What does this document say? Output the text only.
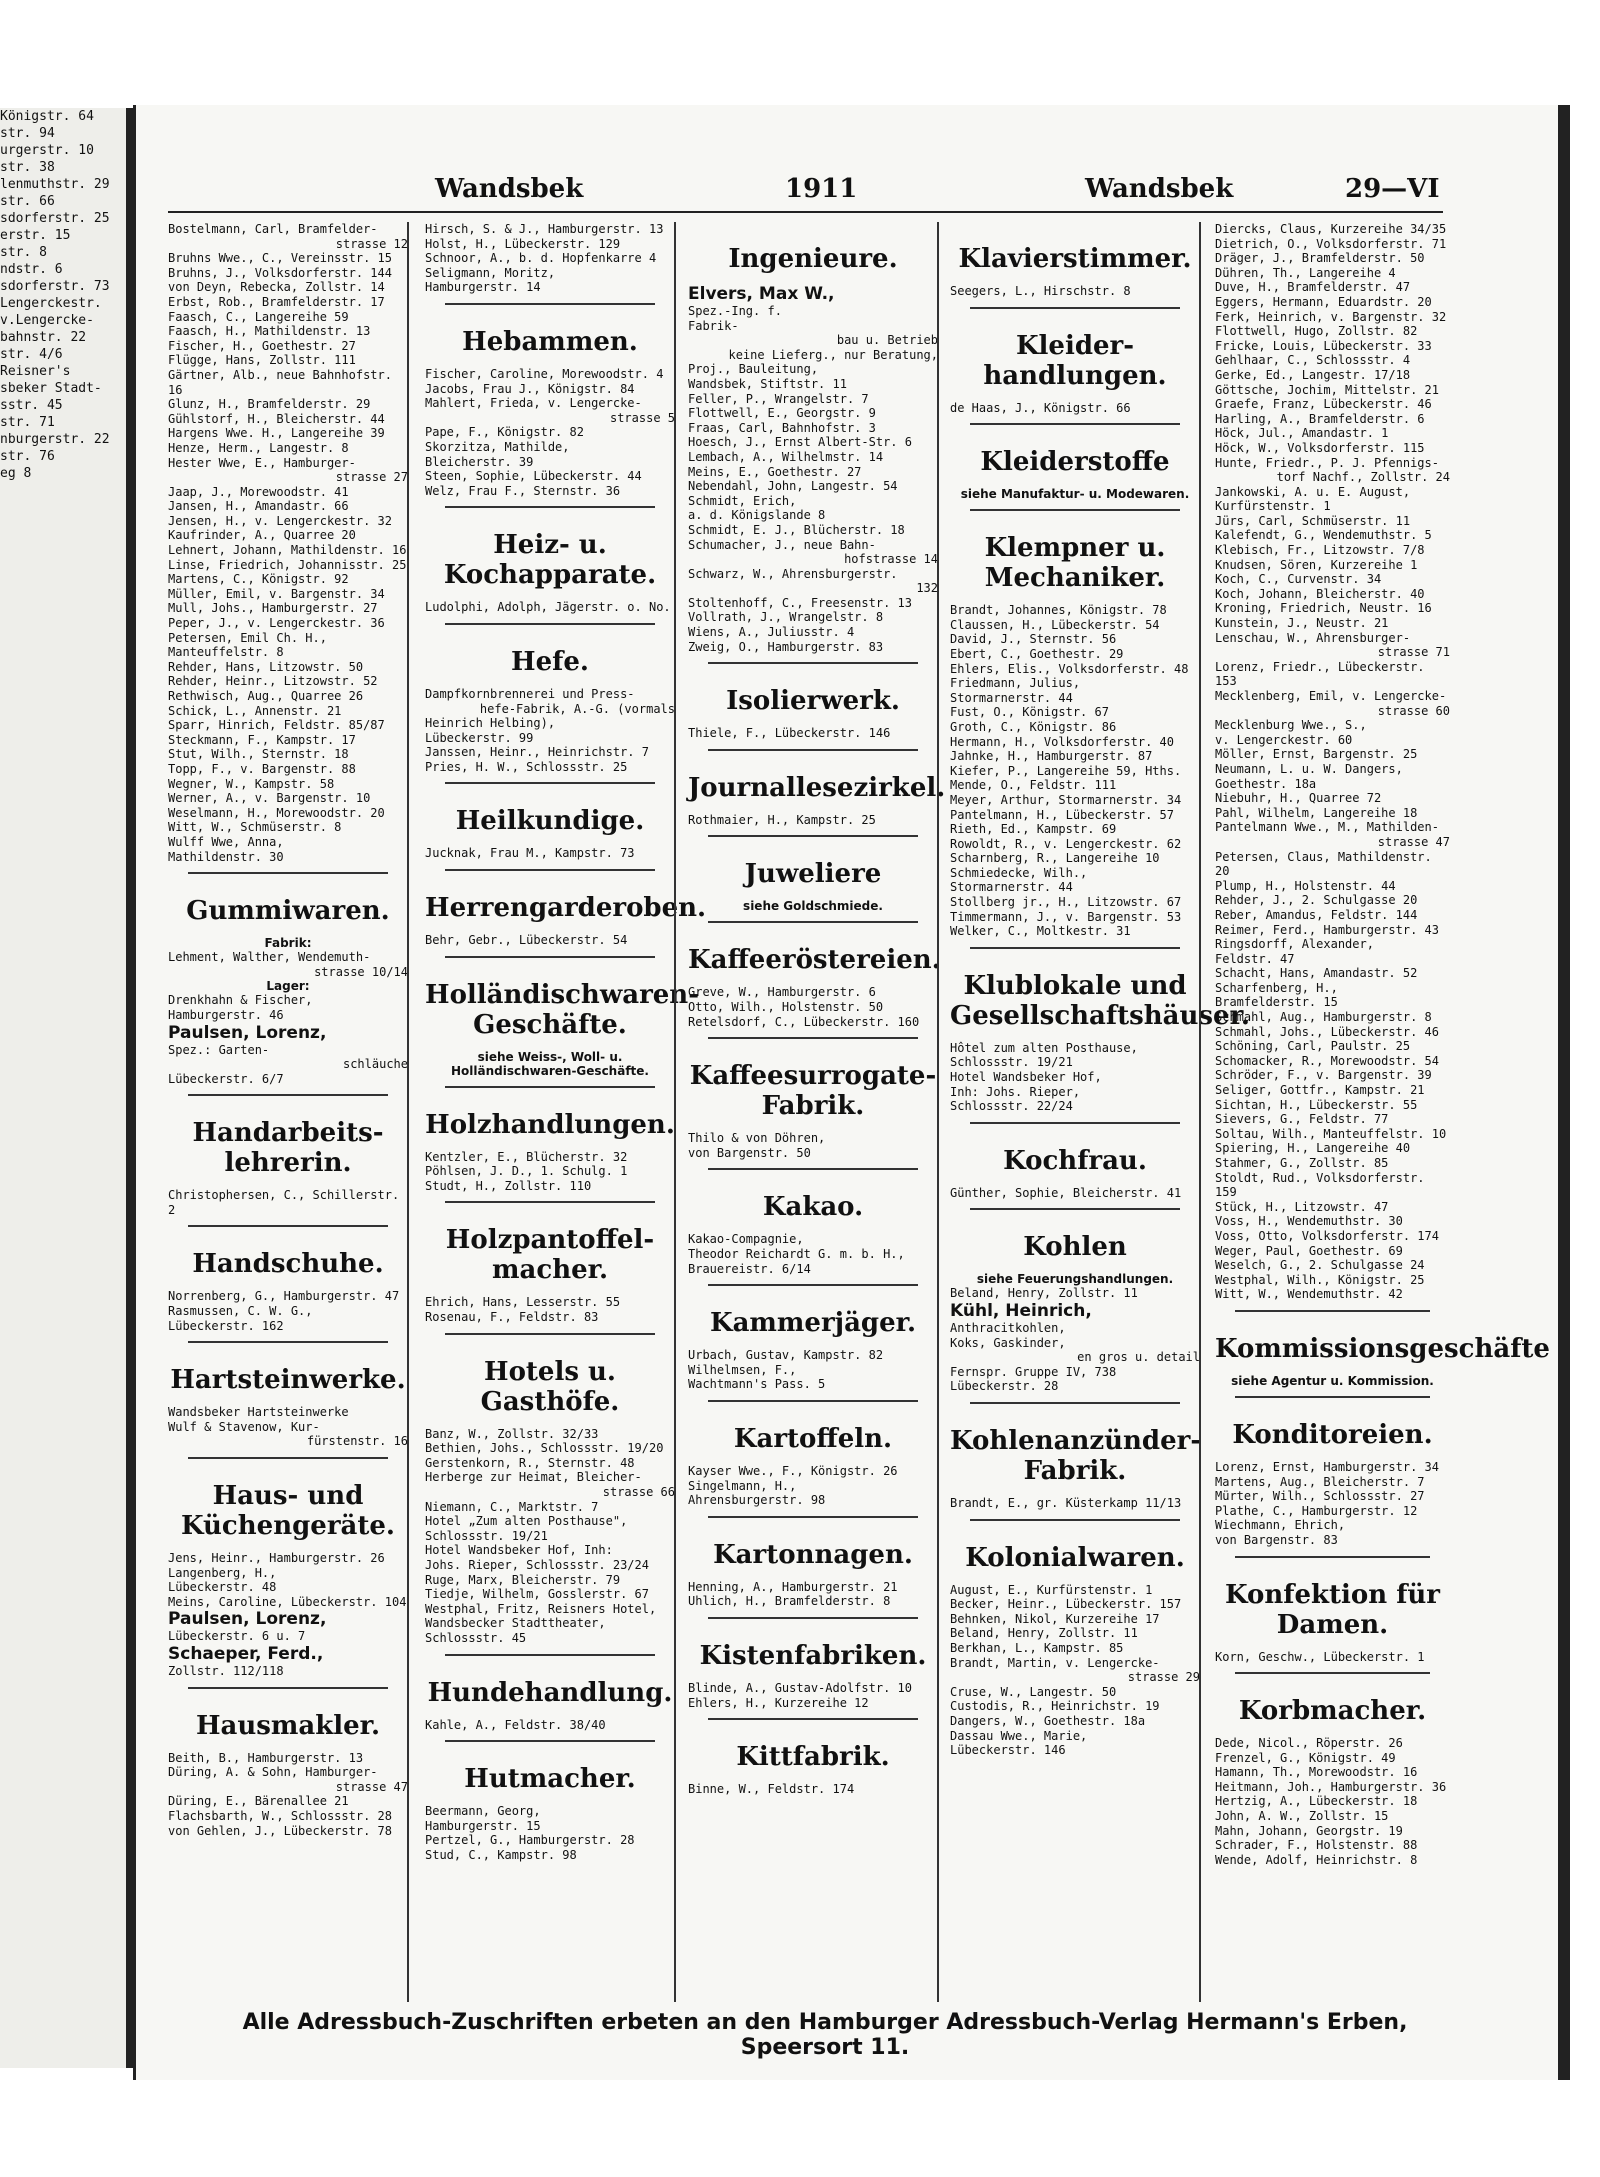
Königstr. 64
str. 94
urgerstr. 10
str. 38
lenmuthstr. 29
str. 66
sdorferstr. 25
erstr. 15
str. 8
ndstr. 6
sdorferstr. 73
Lengerckestr.
v.Lengercke-
bahnstr. 22
str. 4/6
Reisner's
sbeker Stadt-
sstr. 45
str. 71
nburgerstr. 22
str. 76
eg 8
Wandsbek	1911	Wandsbek	29—VI
Bostelmann, Carl, Bramfelder-
strasse 12
Bruhns Wwe., C., Vereinsstr. 15
Bruhns, J., Volksdorferstr. 144
von Deyn, Rebecka, Zollstr. 14
Erbst, Rob., Bramfelderstr. 17
Faasch, C., Langereihe 59
Faasch, H., Mathildenstr. 13
Fischer, H., Goethestr. 27
Flügge, Hans, Zollstr. 111
Gärtner, Alb., neue Bahnhofstr. 16
Glunz, H., Bramfelderstr. 29
Gühlstorf, H., Bleicherstr. 44
Hargens Wwe. H., Langereihe 39
Henze, Herm., Langestr. 8
Hester Wwe, E., Hamburger-
strasse 27
Jaap, J., Morewoodstr. 41
Jansen, H., Amandastr. 66
Jensen, H., v. Lengerckestr. 32
Kaufrinder, A., Quarree 20
Lehnert, Johann, Mathildenstr. 16
Linse, Friedrich, Johannisstr. 25
Martens, C., Königstr. 92
Müller, Emil, v. Bargenstr. 34
Mull, Johs., Hamburgerstr. 27
Peper, J., v. Lengerckestr. 36
Petersen, Emil Ch. H.,
Manteuffelstr. 8
Rehder, Hans, Litzowstr. 50
Rehder, Heinr., Litzowstr. 52
Rethwisch, Aug., Quarree 26
Schick, L., Annenstr. 21
Sparr, Hinrich, Feldstr. 85/87
Steckmann, F., Kampstr. 17
Stut, Wilh., Sternstr. 18
Topp, F., v. Bargenstr. 88
Wegner, W., Kampstr. 58
Werner, A., v. Bargenstr. 10
Weselmann, H., Morewoodstr. 20
Witt, W., Schmüserstr. 8
Wulff Wwe, Anna,
Mathildenstr. 30
Gummiwaren.
Fabrik:
Lehment, Walther, Wendemuth-
strasse 10/14
Lager:
Drenkhahn & Fischer,
Hamburgerstr. 46
Paulsen, Lorenz,
Spez.: Garten-
schläuche
Lübeckerstr. 6/7
Handarbeits-lehrerin.
Christophersen, C., Schillerstr. 2
Handschuhe.
Norrenberg, G., Hamburgerstr. 47
Rasmussen, C. W. G.,
Lübeckerstr. 162
Hartsteinwerke.
Wandsbeker Hartsteinwerke
Wulf & Stavenow, Kur-
fürstenstr. 16
Haus- und Küchengeräte.
Jens, Heinr., Hamburgerstr. 26
Langenberg, H.,
Lübeckerstr. 48
Meins, Caroline, Lübeckerstr. 104
Paulsen, Lorenz,
Lübeckerstr. 6 u. 7
Schaeper, Ferd.,
Zollstr. 112/118
Hausmakler.
Beith, B., Hamburgerstr. 13
Düring, A. & Sohn, Hamburger-
strasse 47
Düring, E., Bärenallee 21
Flachsbarth, W., Schlossstr. 28
von Gehlen, J., Lübeckerstr. 78
Hirsch, S. & J., Hamburgerstr. 13
Holst, H., Lübeckerstr. 129
Schnoor, A., b. d. Hopfenkarre 4
Seligmann, Moritz,
Hamburgerstr. 14
Hebammen.
Fischer, Caroline, Morewoodstr. 4
Jacobs, Frau J., Königstr. 84
Mahlert, Frieda, v. Lengercke-
strasse 5
Pape, F., Königstr. 82
Skorzitza, Mathilde,
Bleicherstr. 39
Steen, Sophie, Lübeckerstr. 44
Welz, Frau F., Sternstr. 36
Heiz- u. Kochapparate.
Ludolphi, Adolph, Jägerstr. o. No.
Hefe.
Dampfkornbrennerei und Press-
hefe-Fabrik, A.-G. (vormals
Heinrich Helbing),
Lübeckerstr. 99
Janssen, Heinr., Heinrichstr. 7
Pries, H. W., Schlossstr. 25
Heilkundige.
Jucknak, Frau M., Kampstr. 73
Herrengarderoben.
Behr, Gebr., Lübeckerstr. 54
Holländischwaren-Geschäfte.
siehe Weiss-, Woll- u. Holländischwaren-Geschäfte.
Holzhandlungen.
Kentzler, E., Blücherstr. 32
Pöhlsen, J. D., 1. Schulg. 1
Studt, H., Zollstr. 110
Holzpantoffel-macher.
Ehrich, Hans, Lesserstr. 55
Rosenau, F., Feldstr. 83
Hotels u. Gasthöfe.
Banz, W., Zollstr. 32/33
Bethien, Johs., Schlossstr. 19/20
Gerstenkorn, R., Sternstr. 48
Herberge zur Heimat, Bleicher-
strasse 66
Niemann, C., Marktstr. 7
Hotel „Zum alten Posthause",
Schlossstr. 19/21
Hotel Wandsbeker Hof, Inh:
Johs. Rieper, Schlossstr. 23/24
Ruge, Marx, Bleicherstr. 79
Tiedje, Wilhelm, Gosslerstr. 67
Westphal, Fritz, Reisners Hotel,
Wandsbecker Stadttheater,
Schlossstr. 45
Hundehandlung.
Kahle, A., Feldstr. 38/40
Hutmacher.
Beermann, Georg,
Hamburgerstr. 15
Pertzel, G., Hamburgerstr. 28
Stud, C., Kampstr. 98
Ingenieure.
Elvers, Max W.,
Spez.-Ing. f.
Fabrik-
bau u. Betrieb
keine Lieferg., nur Beratung,
Proj., Bauleitung,
Wandsbek, Stiftstr. 11
Feller, P., Wrangelstr. 7
Flottwell, E., Georgstr. 9
Fraas, Carl, Bahnhofstr. 3
Hoesch, J., Ernst Albert-Str. 6
Lembach, A., Wilhelmstr. 14
Meins, E., Goethestr. 27
Nebendahl, John, Langestr. 54
Schmidt, Erich,
a. d. Königslande 8
Schmidt, E. J., Blücherstr. 18
Schumacher, J., neue Bahn-
hofstrasse 14
Schwarz, W., Ahrensburgerstr.
132
Stoltenhoff, C., Freesenstr. 13
Vollrath, J., Wrangelstr. 8
Wiens, A., Juliusstr. 4
Zweig, O., Hamburgerstr. 83
Isolierwerk.
Thiele, F., Lübeckerstr. 146
Journallesezirkel.
Rothmaier, H., Kampstr. 25
Juweliere
siehe Goldschmiede.
Kaffeeröstereien.
Greve, W., Hamburgerstr. 6
Otto, Wilh., Holstenstr. 50
Retelsdorf, C., Lübeckerstr. 160
Kaffeesurrogate-Fabrik.
Thilo & von Döhren,
von Bargenstr. 50
Kakao.
Kakao-Compagnie,
Theodor Reichardt G. m. b. H.,
Brauereistr. 6/14
Kammerjäger.
Urbach, Gustav, Kampstr. 82
Wilhelmsen, F.,
Wachtmann's Pass. 5
Kartoffeln.
Kayser Wwe., F., Königstr. 26
Singelmann, H.,
Ahrensburgerstr. 98
Kartonnagen.
Henning, A., Hamburgerstr. 21
Uhlich, H., Bramfelderstr. 8
Kistenfabriken.
Blinde, A., Gustav-Adolfstr. 10
Ehlers, H., Kurzereihe 12
Kittfabrik.
Binne, W., Feldstr. 174
Klavierstimmer.
Seegers, L., Hirschstr. 8
Kleider-handlungen.
de Haas, J., Königstr. 66
Kleiderstoffe
siehe Manufaktur- u. Modewaren.
Klempner u. Mechaniker.
Brandt, Johannes, Königstr. 78
Claussen, H., Lübeckerstr. 54
David, J., Sternstr. 56
Ebert, C., Goethestr. 29
Ehlers, Elis., Volksdorferstr. 48
Friedmann, Julius,
Stormarnerstr. 44
Fust, O., Königstr. 67
Groth, C., Königstr. 86
Hermann, H., Volksdorferstr. 40
Jahnke, H., Hamburgerstr. 87
Kiefer, P., Langereihe 59, Hths.
Mende, O., Feldstr. 111
Meyer, Arthur, Stormarnerstr. 34
Pantelmann, H., Lübeckerstr. 57
Rieth, Ed., Kampstr. 69
Rowoldt, R., v. Lengerckestr. 62
Scharnberg, R., Langereihe 10
Schmiedecke, Wilh.,
Stormarnerstr. 44
Stollberg jr., H., Litzowstr. 67
Timmermann, J., v. Bargenstr. 53
Welker, C., Moltkestr. 31
Klublokale und Gesellschaftshäuser.
Hôtel zum alten Posthause,
Schlossstr. 19/21
Hotel Wandsbeker Hof,
Inh: Johs. Rieper,
Schlossstr. 22/24
Kochfrau.
Günther, Sophie, Bleicherstr. 41
Kohlen
siehe Feuerungshandlungen.
Beland, Henry, Zollstr. 11
Kühl, Heinrich,
Anthracitkohlen,
Koks, Gaskinder,
en gros u. detail
Fernspr. Gruppe IV, 738
Lübeckerstr. 28
Kohlenanzünder-Fabrik.
Brandt, E., gr. Küsterkamp 11/13
Kolonialwaren.
August, E., Kurfürstenstr. 1
Becker, Heinr., Lübeckerstr. 157
Behnken, Nikol, Kurzereihe 17
Beland, Henry, Zollstr. 11
Berkhan, L., Kampstr. 85
Brandt, Martin, v. Lengercke-
strasse 29
Cruse, W., Langestr. 50
Custodis, R., Heinrichstr. 19
Dangers, W., Goethestr. 18a
Dassau Wwe., Marie,
Lübeckerstr. 146
Diercks, Claus, Kurzereihe 34/35
Dietrich, O., Volksdorferstr. 71
Dräger, J., Bramfelderstr. 50
Dühren, Th., Langereihe 4
Duve, H., Bramfelderstr. 47
Eggers, Hermann, Eduardstr. 20
Ferk, Heinrich, v. Bargenstr. 32
Flottwell, Hugo, Zollstr. 82
Fricke, Louis, Lübeckerstr. 33
Gehlhaar, C., Schlossstr. 4
Gerke, Ed., Langestr. 17/18
Göttsche, Jochim, Mittelstr. 21
Graefe, Franz, Lübeckerstr. 46
Harling, A., Bramfelderstr. 6
Höck, Jul., Amandastr. 1
Höck, W., Volksdorferstr. 115
Hunte, Friedr., P. J. Pfennigs-
torf Nachf., Zollstr. 24
Jankowski, A. u. E. August,
Kurfürstenstr. 1
Jürs, Carl, Schmüserstr. 11
Kalefendt, G., Wendemuthstr. 5
Klebisch, Fr., Litzowstr. 7/8
Knudsen, Sören, Kurzereihe 1
Koch, C., Curvenstr. 34
Koch, Johann, Bleicherstr. 40
Kroning, Friedrich, Neustr. 16
Kunstein, J., Neustr. 21
Lenschau, W., Ahrensburger-
strasse 71
Lorenz, Friedr., Lübeckerstr. 153
Mecklenberg, Emil, v. Lengercke-
strasse 60
Mecklenburg Wwe., S.,
v. Lengerckestr. 60
Möller, Ernst, Bargenstr. 25
Neumann, L. u. W. Dangers,
Goethestr. 18a
Niebuhr, H., Quarree 72
Pahl, Wilhelm, Langereihe 18
Pantelmann Wwe., M., Mathilden-
strasse 47
Petersen, Claus, Mathildenstr. 20
Plump, H., Holstenstr. 44
Rehder, J., 2. Schulgasse 20
Reber, Amandus, Feldstr. 144
Reimer, Ferd., Hamburgerstr. 43
Ringsdorff, Alexander,
Feldstr. 47
Schacht, Hans, Amandastr. 52
Scharfenberg, H.,
Bramfelderstr. 15
Schmahl, Aug., Hamburgerstr. 8
Schmahl, Johs., Lübeckerstr. 46
Schöning, Carl, Paulstr. 25
Schomacker, R., Morewoodstr. 54
Schröder, F., v. Bargenstr. 39
Seliger, Gottfr., Kampstr. 21
Sichtan, H., Lübeckerstr. 55
Sievers, G., Feldstr. 77
Soltau, Wilh., Manteuffelstr. 10
Spiering, H., Langereihe 40
Stahmer, G., Zollstr. 85
Stoldt, Rud., Volksdorferstr. 159
Stück, H., Litzowstr. 47
Voss, H., Wendemuthstr. 30
Voss, Otto, Volksdorferstr. 174
Weger, Paul, Goethestr. 69
Weselch, G., 2. Schulgasse 24
Westphal, Wilh., Königstr. 25
Witt, W., Wendemuthstr. 42
Kommissionsgeschäfte
siehe Agentur u. Kommission.
Konditoreien.
Lorenz, Ernst, Hamburgerstr. 34
Martens, Aug., Bleicherstr. 7
Mürter, Wilh., Schlossstr. 27
Plathe, C., Hamburgerstr. 12
Wiechmann, Ehrich,
von Bargenstr. 83
Konfektion für Damen.
Korn, Geschw., Lübeckerstr. 1
Korbmacher.
Dede, Nicol., Röperstr. 26
Frenzel, G., Königstr. 49
Hamann, Th., Morewoodstr. 16
Heitmann, Joh., Hamburgerstr. 36
Hertzig, A., Lübeckerstr. 18
John, A. W., Zollstr. 15
Mahn, Johann, Georgstr. 19
Schrader, F., Holstenstr. 88
Wende, Adolf, Heinrichstr. 8
Alle Adressbuch-Zuschriften erbeten an den Hamburger Adressbuch-Verlag Hermann's Erben, Speersort 11.
